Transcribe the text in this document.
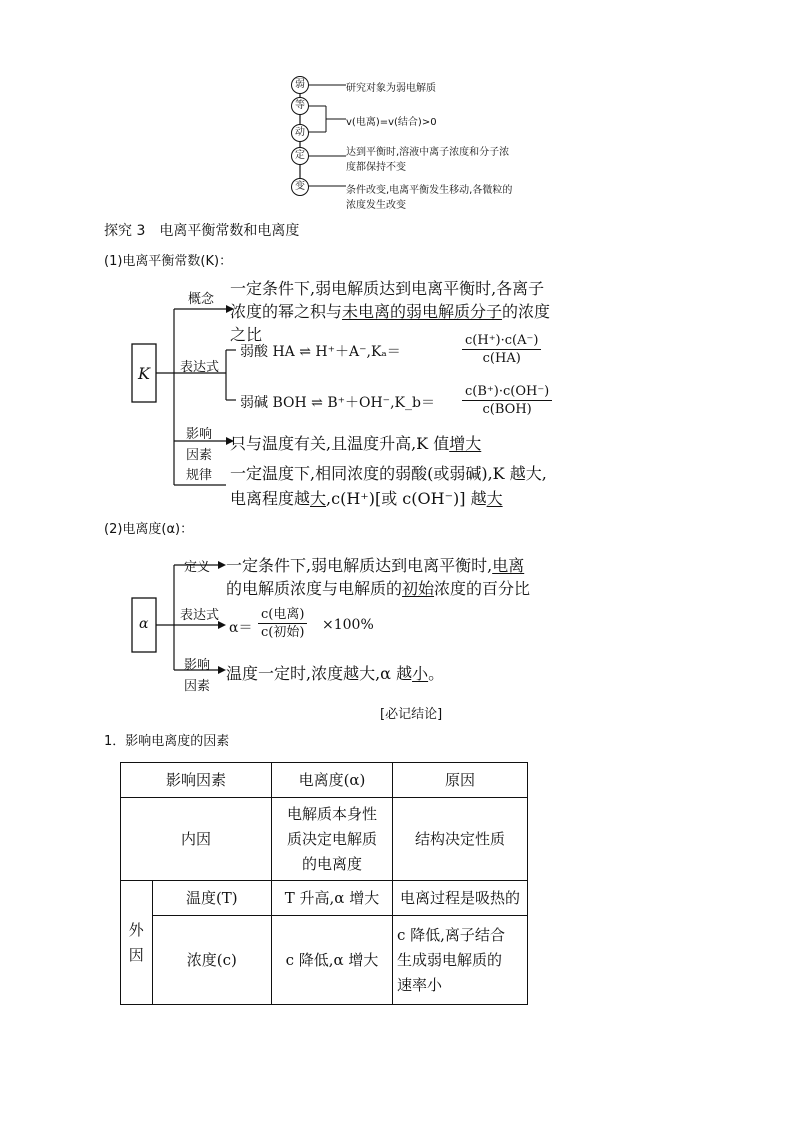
弱
等
动
定
变
研究对象为弱电解质
v(电离)=v(结合)>0
达到平衡时,溶液中离子浓度和分子浓
度都保持不变
条件改变,电离平衡发生移动,各微粒的
浓度发生改变
探究 3　电离平衡常数和电离度
(1)电离平衡常数(K)：
K
概念
一定条件下,弱电解质达到电离平衡时,各离子
浓度的幂之积与未电离的弱电解质分子的浓度
之比
表达式
弱酸 HA ⇌ H⁺＋A⁻,Kₐ＝	$\frac{c(H^+)\cdot c(A^-)}{c(HA)}$
弱碱 BOH ⇌ B⁺＋OH⁻,K_b＝
c(B⁺)·c(OH⁻)
c(BOH)
影响
因素
只与温度有关,且温度升高,K 值增大
规律 一定温度下,相同浓度的弱酸(或弱碱),K 越大,
电离程度越大,c(H⁺)[或 c(OH⁻)] 越大
(2)电离度(α)：
α
定义 一定条件下,弱电解质达到电离平衡时,电离
的电解质浓度与电解质的初始浓度的百分比
表达式
α＝
c(电离)
c(初始) ×100%
影响
因素
温度一定时,浓度越大,α 越小。
[必记结论]
1．影响电离度的因素
影响因素		电离度(α)	原因
内因		电解质本身性
质决定电解质
的电离度	结构决定性质

外
因	温度(T)	T 升高,α 增大	电离过程是吸热的
	浓度(c)	c 降低,α 增大	c 降低,离子结合
生成弱电解质的
速率小
